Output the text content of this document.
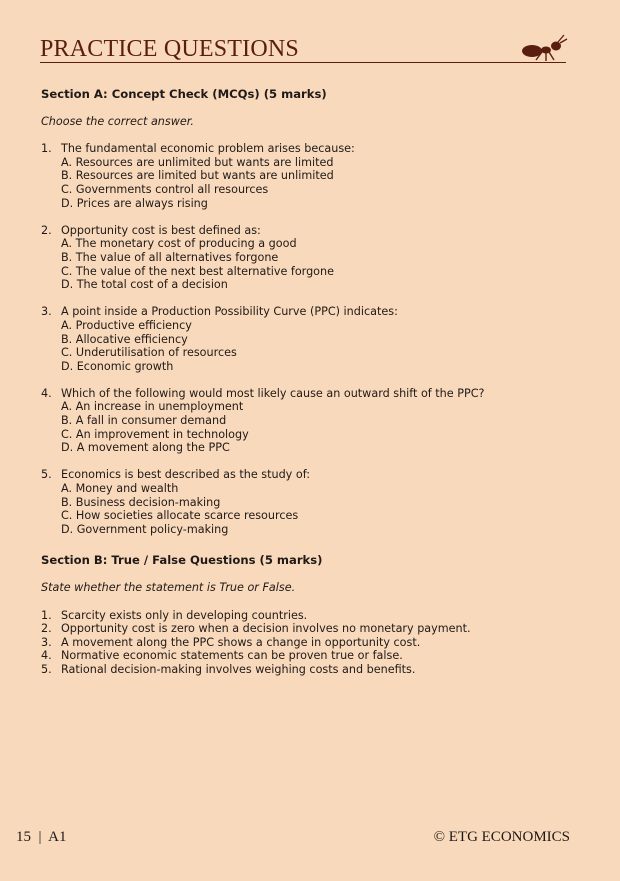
PRACTICE QUESTIONS

Section A: Concept Check (MCQs) (5 marks)

Choose the correct answer.

1. The fundamental economic problem arises because:
A. Resources are unlimited but wants are limited
B. Resources are limited but wants are unlimited
C. Governments control all resources
D. Prices are always rising
2. Opportunity cost is best defined as:
A. The monetary cost of producing a good
B. The value of all alternatives forgone
C. The value of the next best alternative forgone
D. The total cost of a decision
3. A point inside a Production Possibility Curve (PPC) indicates:
A. Productive efficiency
B. Allocative efficiency
C. Underutilisation of resources
D. Economic growth
4. Which of the following would most likely cause an outward shift of the PPC?
A. An increase in unemployment
B. A fall in consumer demand
C. An improvement in technology
D. A movement along the PPC
5. Economics is best described as the study of:
A. Money and wealth
B. Business decision-making
C. How societies allocate scarce resources
D. Government policy-making

Section B: True / False Questions (5 marks)

State whether the statement is True or False.

1. Scarcity exists only in developing countries.
2. Opportunity cost is zero when a decision involves no monetary payment.
3. A movement along the PPC shows a change in opportunity cost.
4. Normative economic statements can be proven true or false.
5. Rational decision-making involves weighing costs and benefits.
15  |  A1	© ETG ECONOMICS
